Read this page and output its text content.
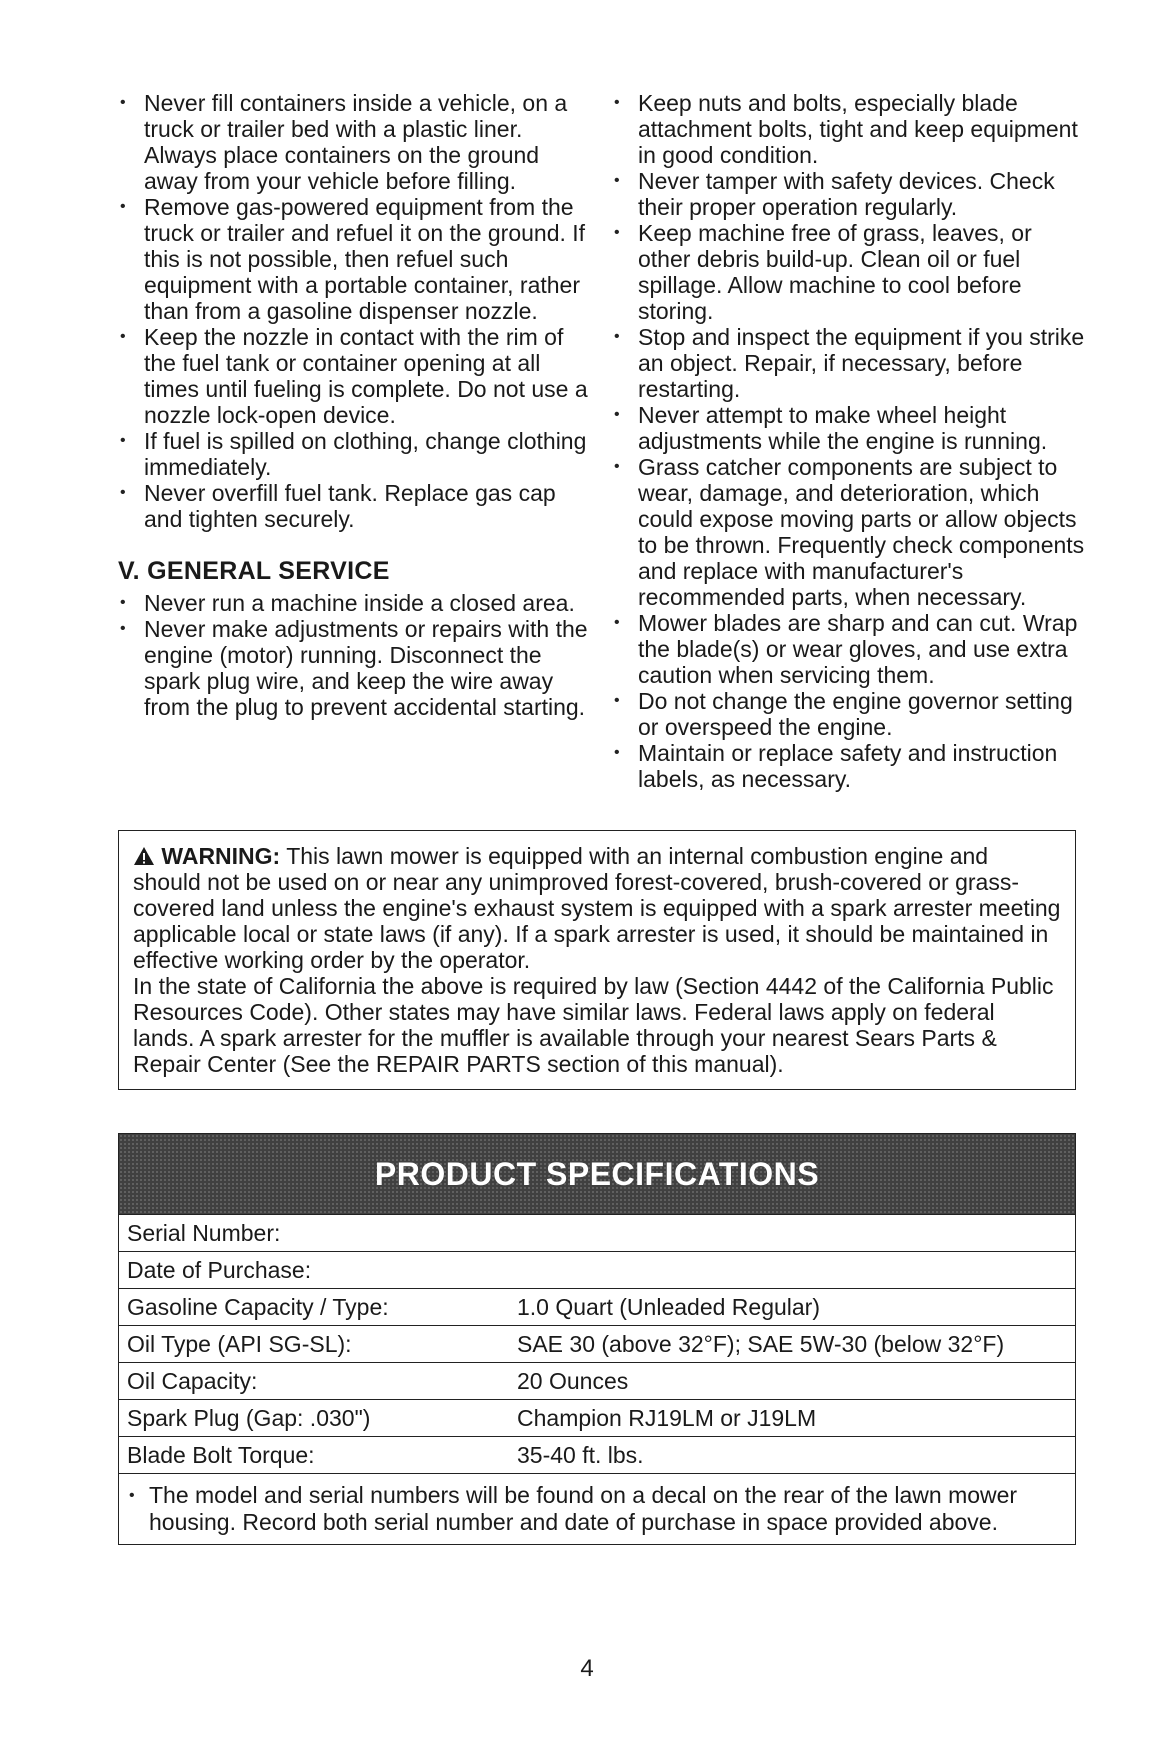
• Never fill containers inside a vehicle, on a truck or trailer bed with a plastic liner. Always place containers on the ground away from your vehicle before filling.
• Remove gas-powered equipment from the truck or trailer and refuel it on the ground. If this is not possible, then refuel such equipment with a portable container, rather than from a gasoline dispenser nozzle.
• Keep the nozzle in contact with the rim of the fuel tank or container opening at all times until fueling is complete. Do not use a nozzle lock-open device.
• If fuel is spilled on clothing, change clothing immediately.
• Never overfill fuel tank. Replace gas cap and tighten securely.
V. GENERAL SERVICE
• Never run a machine inside a closed area.
• Never make adjustments or repairs with the engine (motor) running. Disconnect the spark plug wire, and keep the wire away from the plug to prevent accidental starting.
• Keep nuts and bolts, especially blade attachment bolts, tight and keep equipment in good condition.
• Never tamper with safety devices. Check their proper operation regularly.
• Keep machine free of grass, leaves, or other debris build-up. Clean oil or fuel spillage. Allow machine to cool before storing.
• Stop and inspect the equipment if you strike an object. Repair, if necessary, before restarting.
• Never attempt to make wheel height adjustments while the engine is running.
• Grass catcher components are subject to wear, damage, and deterioration, which could expose moving parts or allow objects to be thrown. Frequently check components and replace with manufacturer's recommended parts, when necessary.
• Mower blades are sharp and can cut. Wrap the blade(s) or wear gloves, and use extra caution when servicing them.
• Do not change the engine governor setting or overspeed the engine.
• Maintain or replace safety and instruction labels, as necessary.

WARNING: This lawn mower is equipped with an internal combustion engine and should not be used on or near any unimproved forest-covered, brush-covered or grass-covered land unless the engine's exhaust system is equipped with a spark arrester meeting applicable local or state laws (if any). If a spark arrester is used, it should be maintained in effective working order by the operator.

In the state of California the above is required by law (Section 4442 of the California Public Resources Code). Other states may have similar laws. Federal laws apply on federal lands. A spark arrester for the muffler is available through your nearest Sears Parts & Repair Center (See the REPAIR PARTS section of this manual).

PRODUCT SPECIFICATIONS
Serial Number:
Date of Purchase:
Gasoline Capacity / Type:	1.0 Quart (Unleaded Regular)
Oil Type (API SG-SL):	SAE 30 (above 32°F); SAE 5W-30 (below 32°F)
Oil Capacity:	20 Ounces
Spark Plug (Gap: .030")	Champion RJ19LM or J19LM
Blade Bolt Torque:	35-40 ft. lbs.
• The model and serial numbers will be found on a decal on the rear of the lawn mower housing. Record both serial number and date of purchase in space provided above.
4
